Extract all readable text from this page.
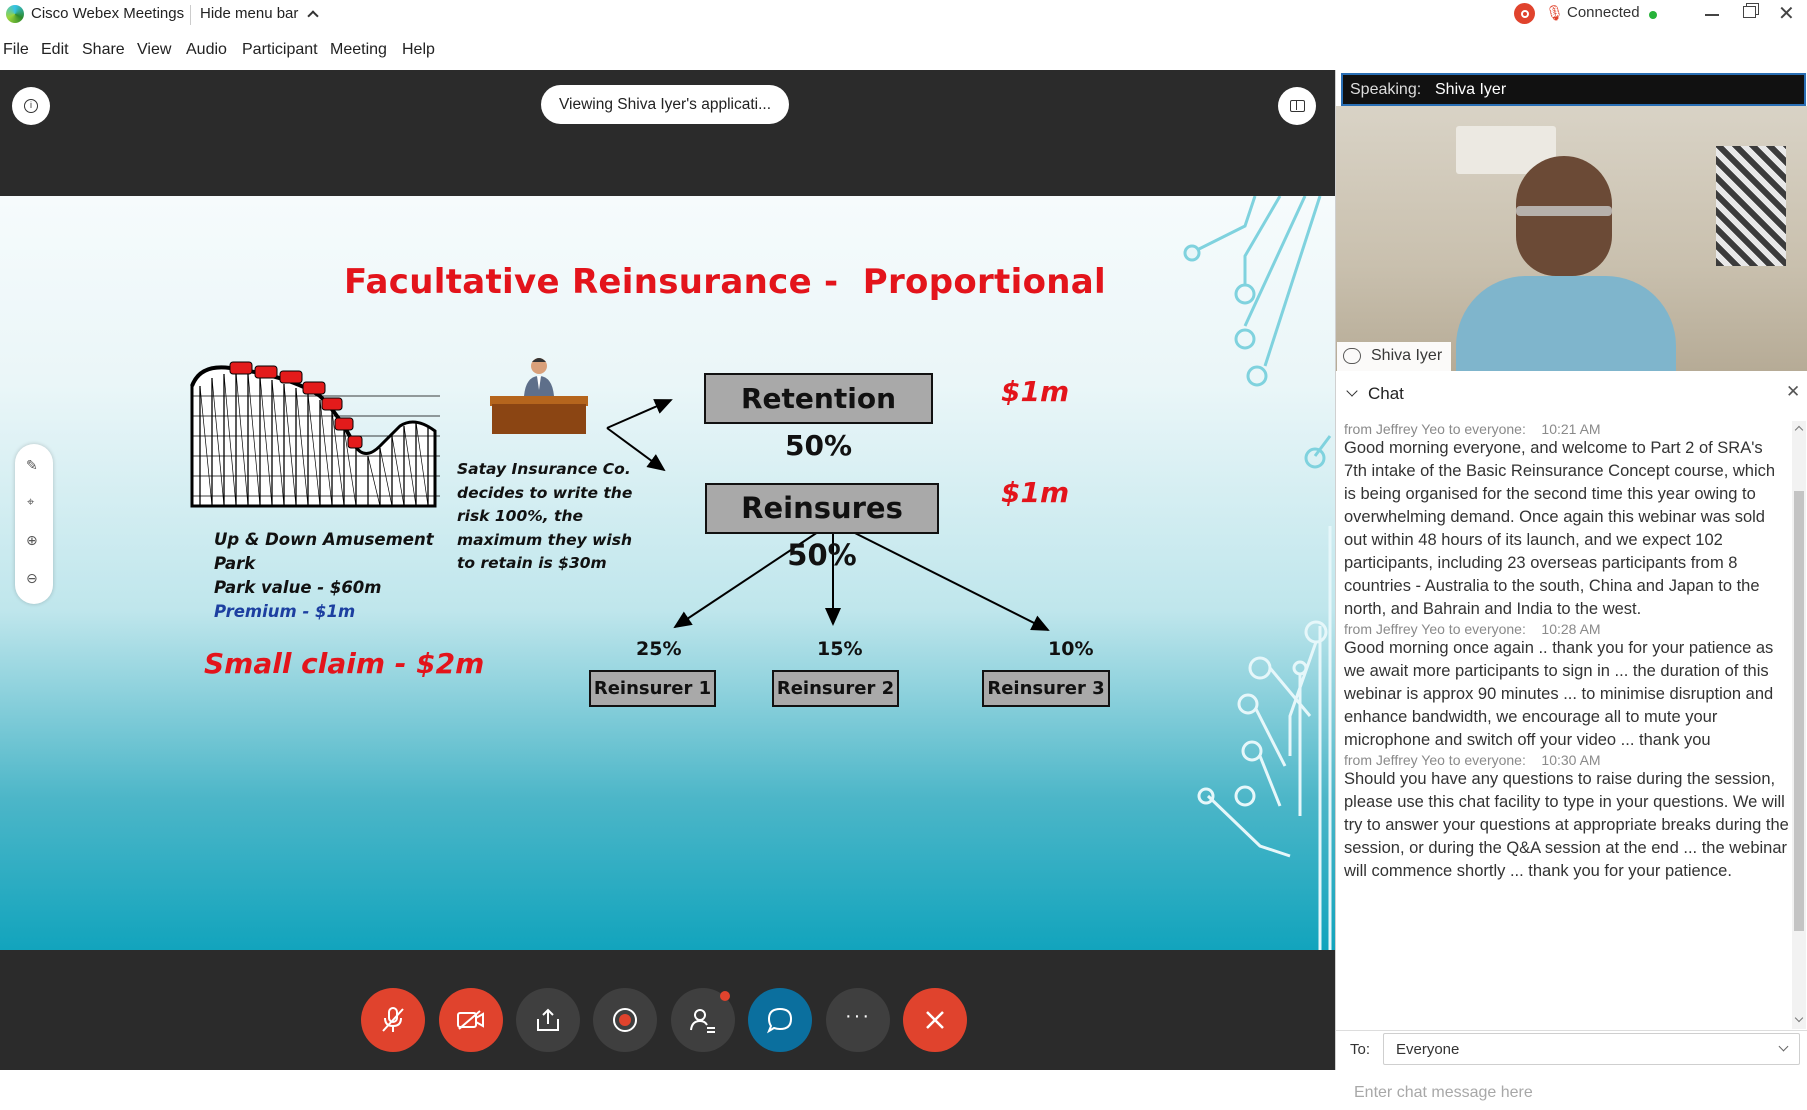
Cisco Webex Meetings Hide menu bar	🎙 Connected	✕
File Edit Share View Audio Participant Meeting Help
i	Viewing Shiva Iyer's applicati...
✎
⌖
⊕
⊖
Facultative Reinsurance -  Proportional
Up & Down Amusement
Park
Park value - $60m
Premium - $1m
Small claim - $2m
Satay Insurance Co.
decides to write the
risk 100%, the
maximum they wish
to retain is $30m
Retention 50%
$1m
Reinsures 50%
$1m
25%	15%	10%
Reinsurer 1	Reinsurer 2	Reinsurer 3
···
Speaking: Shiva Iyer
Shiva Iyer
Chat	✕
from Jeffrey Yeo to everyone: 10:21 AM
Good morning everyone, and welcome to Part 2 of SRA's 7th intake of the Basic Reinsurance Concept course, which is being organised for the second time this year owing to overwhelming demand. Once again this webinar was sold out within 48 hours of its launch, and we expect 102 participants, including 23 overseas participants from 8 countries - Australia to the south, China and Japan to the north, and Bahrain and India to the west.
from Jeffrey Yeo to everyone: 10:28 AM
Good morning once again .. thank you for your patience as we await more participants to sign in ... the duration of this webinar is approx 90 minutes ... to minimise disruption and enhance bandwidth, we encourage all to mute your microphone and switch off your video ... thank you
from Jeffrey Yeo to everyone: 10:30 AM
Should you have any questions to raise during the session, please use this chat facility to type in your questions. We will try to answer your questions at appropriate breaks during the session, or during the Q&A session at the end ... the webinar will commence shortly ... thank you for your patience.
To: Everyone
Enter chat message here
